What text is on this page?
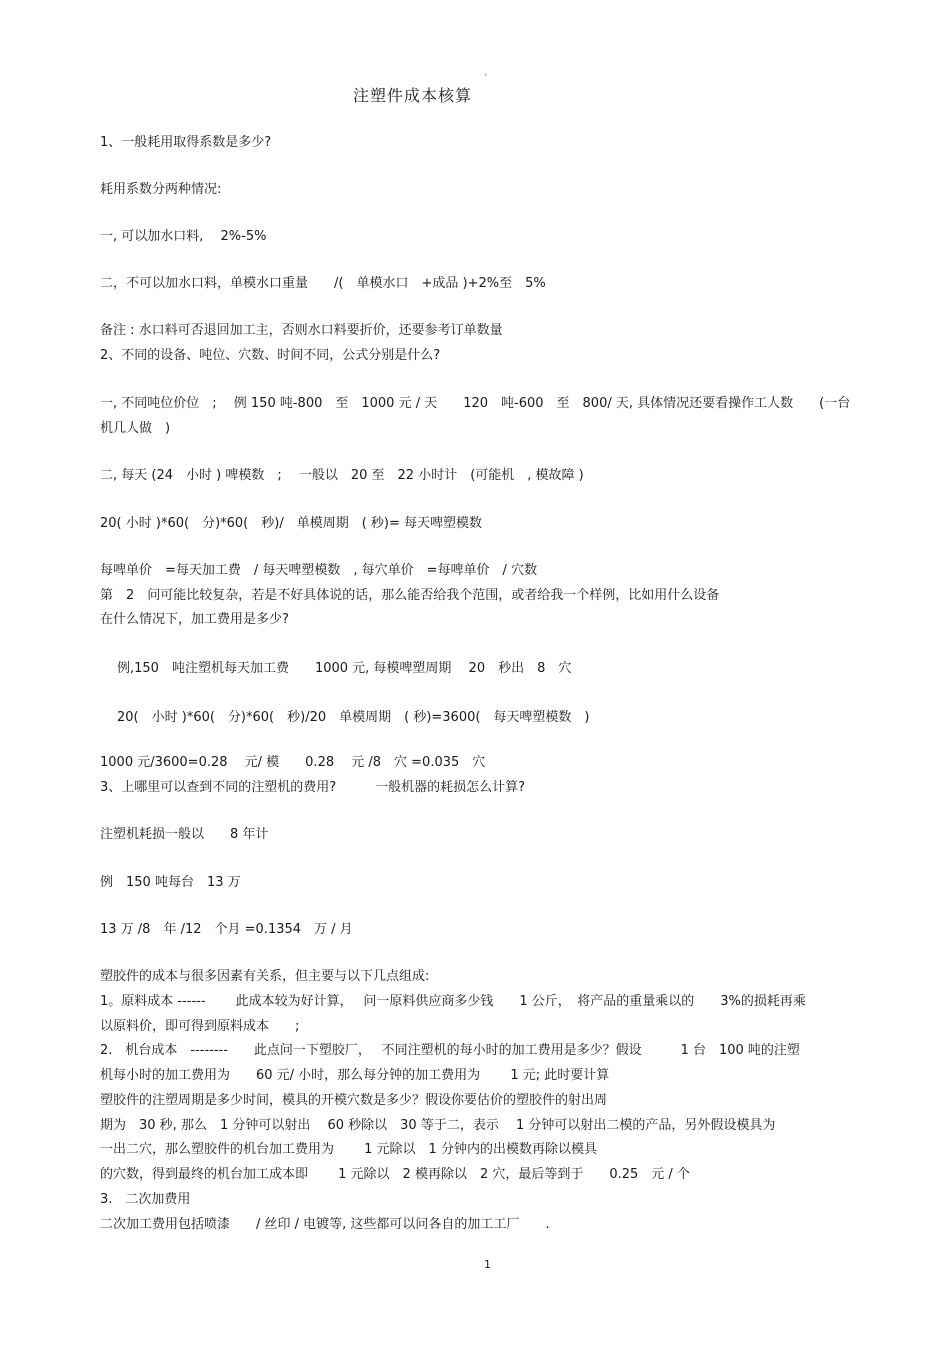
。
注塑件成本核算
1、一般耗用取得系数是多少?
耗用系数分两种情况:
一, 可以加水口料,　 2%-5%
二，不可以加水口料，单模水口重量　　/(　单模水口　+成品 )+2%至　5%
备注 : 水口料可否退回加工主，否则水口料要折价，还要参考订单数量
2、不同的设备、吨位、穴数、时间不同，公式分别是什么?
一, 不同吨位价位　;　 例 150 吨-800　至　1000 元 / 天　　120　吨-600　至　800/ 天, 具体情况还要看操作工人数　　(一台
机几人做　)
二, 每天 (24　小时 ) 啤模数　;　 一般以　20 至　22 小时计　(可能机　, 模故障 )
20( 小时 )*60(　分)*60(　秒)/　单模周期　( 秒)= 每天啤塑模数
每啤单价　=每天加工费　/ 每天啤塑模数　, 每穴单价　=每啤单价　/ 穴数
第　2　问可能比较复杂，若是不好具体说的话，那么能否给我个范围，或者给我一个样例，比如用什么设备
在什么情况下，加工费用是多少?
例,150　吨注塑机每天加工费　　1000 元, 每模啤塑周期　 20　秒出　8　穴
20(　小时 )*60(　分)*60(　秒)/20　单模周期　( 秒)=3600(　每天啤塑模数　)
1000 元/3600=0.28　 元/ 模　　0.28　 元 /8　穴 =0.035　穴
3、上哪里可以查到不同的注塑机的费用?　　　一般机器的耗损怎么计算?
注塑机耗损一般以　　8 年计
例　150 吨每台　13 万
13 万 /8　年 /12　个月 =0.1354　万 / 月
塑胶件的成本与很多因素有关系，但主要与以下几点组成:
1。原料成本 ------　　 此成本较为好计算，　 问一原料供应商多少钱　　1 公斤，　将产品的重量乘以的　　3%的损耗再乘
以原料价，即可得到原料成本　　;
2.　机台成本　--------　　此点问一下塑胶厂，　 不同注塑机的每小时的加工费用是多少？假设　　　1 台　100 吨的注塑
机每小时的加工费用为　　60 元/ 小时，那么每分钟的加工费用为　　 1 元; 此时要计算
塑胶件的注塑周期是多少时间，模具的开模穴数是多少？假设你要估价的塑胶件的射出周
期为　30 秒, 那么　1 分钟可以射出　 60 秒除以　30 等于二，表示　 1 分钟可以射出二模的产品，另外假设模具为
一出二穴，那么塑胶件的机台加工费用为　　 1 元除以　1 分钟内的出模数再除以模具
的穴数，得到最终的机台加工成本即　　 1 元除以　2 模再除以　2 穴，最后等到于　　0.25　元 / 个
3.　二次加费用
二次加工费用包括喷漆　　/ 丝印 / 电镀等, 这些都可以问各自的加工工厂　　.
1
